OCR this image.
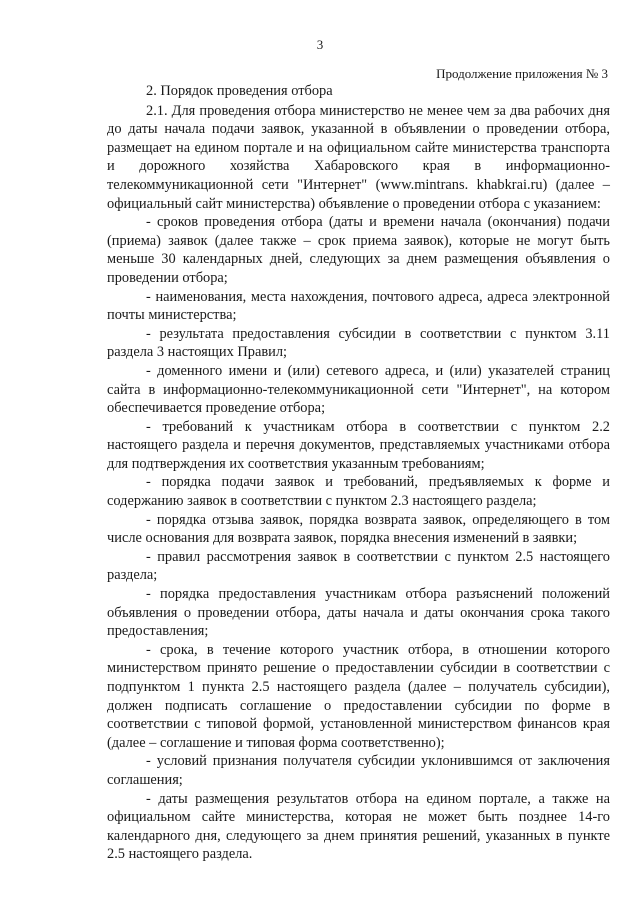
3
Продолжение приложения № 3
2. Порядок проведения отбора

2.1. Для проведения отбора министерство не менее чем за два рабочих дня до даты начала подачи заявок, указанной в объявлении о проведении отбора, размещает на едином портале и на официальном сайте министерства транспорта и дорожного хозяйства Хабаровского края в информационно-телекоммуникационной сети "Интернет" (www.mintrans. khabkrai.ru) (далее – официальный сайт министерства) объявление о проведении отбора с указанием:

- сроков проведения отбора (даты и времени начала (окончания) подачи (приема) заявок (далее также – срок приема заявок), которые не могут быть меньше 30 календарных дней, следующих за днем размещения объявления о проведении отбора;

- наименования, места нахождения, почтового адреса, адреса электронной почты министерства;

- результата предоставления субсидии в соответствии с пунктом 3.11 раздела 3 настоящих Правил;

- доменного имени и (или) сетевого адреса, и (или) указателей страниц сайта в информационно-телекоммуникационной сети "Интернет", на котором обеспечивается проведение отбора;

- требований к участникам отбора в соответствии с пунктом 2.2 настоящего раздела и перечня документов, представляемых участниками отбора для подтверждения их соответствия указанным требованиям;

- порядка подачи заявок и требований, предъявляемых к форме и содержанию заявок в соответствии с пунктом 2.3 настоящего раздела;

- порядка отзыва заявок, порядка возврата заявок, определяющего в том числе основания для возврата заявок, порядка внесения изменений в заявки;

- правил рассмотрения заявок в соответствии с пунктом 2.5 настоящего раздела;

- порядка предоставления участникам отбора разъяснений положений объявления о проведении отбора, даты начала и даты окончания срока такого предоставления;

- срока, в течение которого участник отбора, в отношении которого министерством принято решение о предоставлении субсидии в соответствии с подпунктом 1 пункта 2.5 настоящего раздела (далее – получатель субсидии), должен подписать соглашение о предоставлении субсидии по форме в соответствии с типовой формой, установленной министерством финансов края (далее – соглашение и типовая форма соответственно);

- условий признания получателя субсидии уклонившимся от заключения соглашения;

- даты размещения результатов отбора на едином портале, а также на официальном сайте министерства, которая не может быть позднее 14-го календарного дня, следующего за днем принятия решений, указанных в пункте 2.5 настоящего раздела.
